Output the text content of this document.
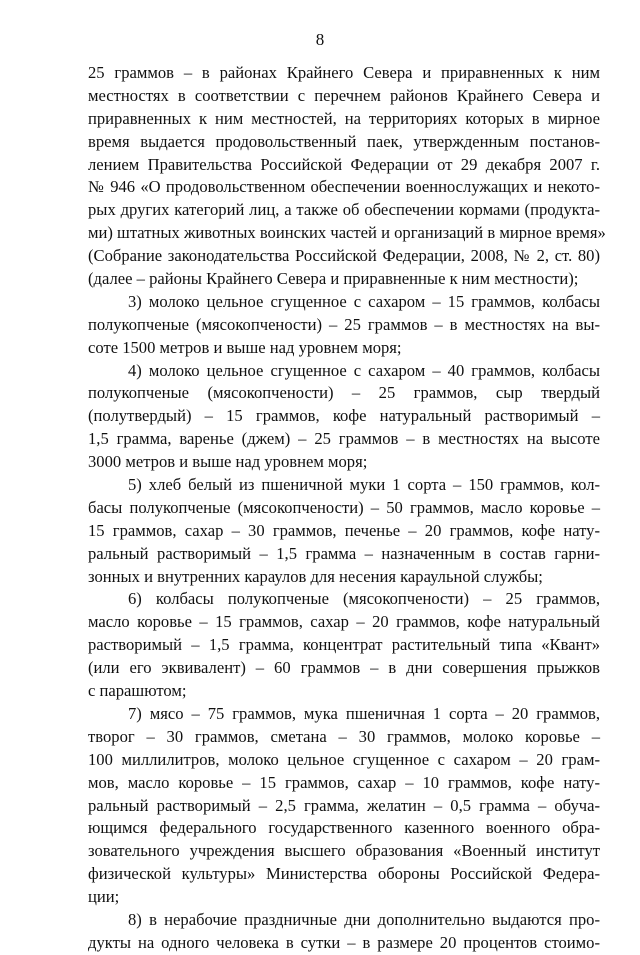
8
25 граммов – в районах Крайнего Севера и приравненных к ним
местностях в соответствии с перечнем районов Крайнего Севера и
приравненных к ним местностей, на территориях которых в мирное
время выдается продовольственный паек, утвержденным постанов-
лением Правительства Российской Федерации от 29 декабря 2007 г.
№ 946 «О продовольственном обеспечении военнослужащих и некото-
рых других категорий лиц, а также об обеспечении кормами (продукта-
ми) штатных животных воинских частей и организаций в мирное время»
(Собрание законодательства Российской Федерации, 2008, № 2, ст. 80)
(далее – районы Крайнего Севера и приравненные к ним местности);
3) молоко цельное сгущенное с сахаром – 15 граммов, колбасы
полукопченые (мясокопчености) – 25 граммов – в местностях на вы-
соте 1500 метров и выше над уровнем моря;
4) молоко цельное сгущенное с сахаром – 40 граммов, колбасы
полукопченые (мясокопчености) – 25 граммов, сыр твердый
(полутвердый) – 15 граммов, кофе натуральный растворимый –
1,5 грамма, варенье (джем) – 25 граммов – в местностях на высоте
3000 метров и выше над уровнем моря;
5) хлеб белый из пшеничной муки 1 сорта – 150 граммов, кол-
басы полукопченые (мясокопчености) – 50 граммов, масло коровье –
15 граммов, сахар – 30 граммов, печенье – 20 граммов, кофе нату-
ральный растворимый – 1,5 грамма – назначенным в состав гарни-
зонных и внутренних караулов для несения караульной службы;
6) колбасы полукопченые (мясокопчености) – 25 граммов,
масло коровье – 15 граммов, сахар – 20 граммов, кофе натуральный
растворимый – 1,5 грамма, концентрат растительный типа «Квант»
(или его эквивалент) – 60 граммов – в дни совершения прыжков
с парашютом;
7) мясо – 75 граммов, мука пшеничная 1 сорта – 20 граммов,
творог – 30 граммов, сметана – 30 граммов, молоко коровье –
100 миллилитров, молоко цельное сгущенное с сахаром – 20 грам-
мов, масло коровье – 15 граммов, сахар – 10 граммов, кофе нату-
ральный растворимый – 2,5 грамма, желатин – 0,5 грамма – обуча-
ющимся федерального государственного казенного военного обра-
зовательного учреждения высшего образования «Военный институт
физической культуры» Министерства обороны Российской Федера-
ции;
8) в нерабочие праздничные дни дополнительно выдаются про-
дукты на одного человека в сутки – в размере 20 процентов стоимо-
